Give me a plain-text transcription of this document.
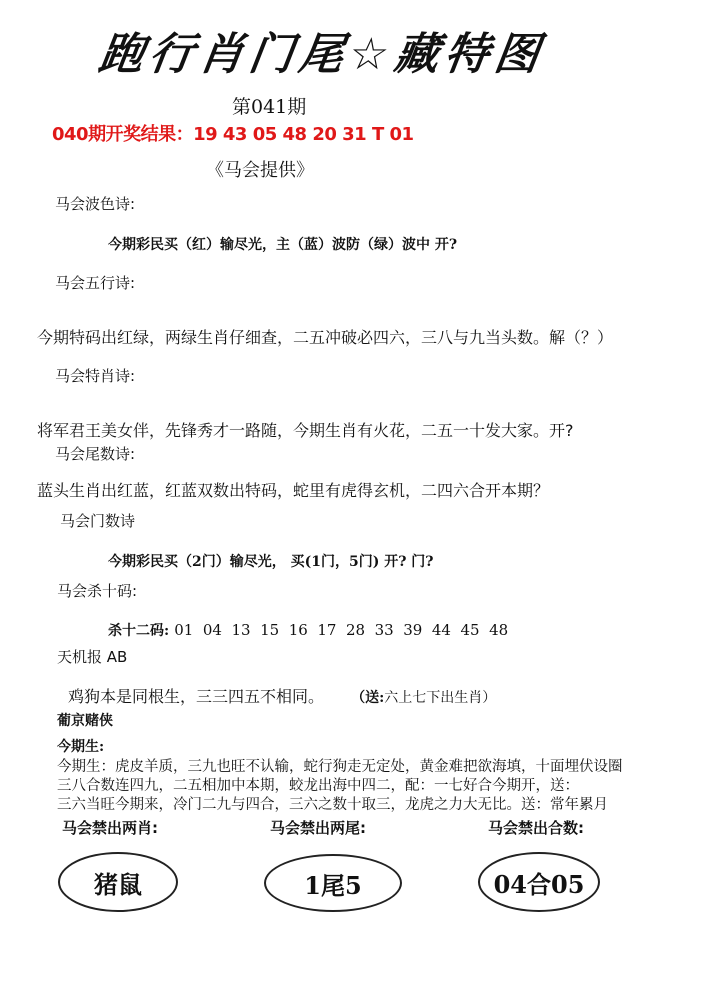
跑行肖门尾☆藏特图
第041期
040期开奖结果：19 43 05 48 20 31 T 01
《马会提供》
马会波色诗:
今期彩民买（红）输尽光，主（蓝）波防（绿）波中 开?
马会五行诗:
今期特码出红绿，两绿生肖仔细查，二五冲破必四六，三八与九当头数。解（？）
马会特肖诗:
将军君王美女伴，先锋秀才一路随，今期生肖有火花，二五一十发大家。开?
马会尾数诗:
蓝头生肖出红蓝，红蓝双数出特码，蛇里有虎得玄机，二四六合开本期？
马会门数诗
今期彩民买（2门）输尽光， 买(1门，5门) 开? 门?
马会杀十码:
杀十二码: 01  04  13  15  16  17  28  33  39  44  45  48
天机报 AB
鸡狗本是同根生，三三四五不相同。 （送:六上七下出生肖）
葡京赌侠
今期生:
今期生：虎皮羊质，三九也旺不认输，蛇行狗走无定处，黄金难把欲海填，十面埋伏设圈
三八合数连四九，二五相加中本期，蛟龙出海中四二，配：一七好合今期开，送：
三六当旺今期来，冷门二九与四合，三六之数十取三，龙虎之力大无比。送：常年累月
马会禁出两肖:	马会禁出两尾:	马会禁出合数:
猪鼠	1尾5	04合05
